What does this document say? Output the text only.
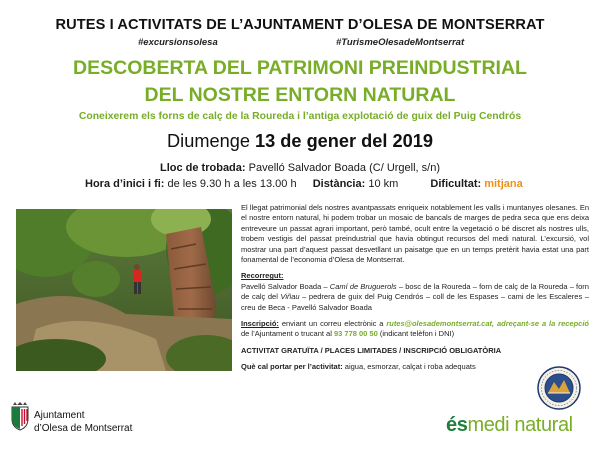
RUTES I ACTIVITATS DE L’AJUNTAMENT D’OLESA DE MONTSERRAT
#excursionsolesa	#TurismeOlesadeMontserrat
DESCOBERTA DEL PATRIMONI PREINDUSTRIAL
DEL NOSTRE ENTORN NATURAL
Coneixerem els forns de calç de la Roureda i l’antiga explotació de guix del Puig Cendrós
Diumenge 13 de gener del 2019
Lloc de trobada: Pavelló Salvador Boada (C/ Urgell, s/n)
Hora d’inici i fi: de les 9.30 h a les 13.00 h Distància: 10 km	Dificultat: mitjana

El llegat patrimonial dels nostres avantpassats enriqueix notablement les valls i muntanyes olesanes. En el nostre entorn natural, hi podem trobar un mosaic de bancals de marges de pedra seca que ens deixa entreveure un passat agrari important, però també, ocult entre la vegetació o bé discret als nostres ulls, trobem vestigis del passat preindustrial que havia obtingut recursos del medi natural. L’excursió, vol mostrar una part d’aquest passat desvetllant un paisatge que en un temps pretèrit havia estat una part fonamental de l’economia d’Olesa de Montserrat.

Recorregut:

Pavelló Salvador Boada – Camí de Bruguerols – bosc de la Roureda – forn de calç de la Roureda – forn de calç del Viñau – pedrera de guix del Puig Cendrós – coll de les Espases – cami de les Escaleres – creu de Beca - Pavelló Salvador Boada

Inscripció: enviant un correu electrònic a rutes@olesademontserrat.cat, adreçant-se a la recepció de l’Ajuntament o trucant al 93 778 00 50 (indicant telèfon i DNI)

ACTIVITAT GRATUÏTA / PLACES LIMITADES / INSCRIPCIÓ OBLIGATÒRIA

Què cal portar per l’activitat: aigua, esmorzar, calçat i roba adequats

Ajuntament
d’Olesa de Montserrat	ésmedi natural
